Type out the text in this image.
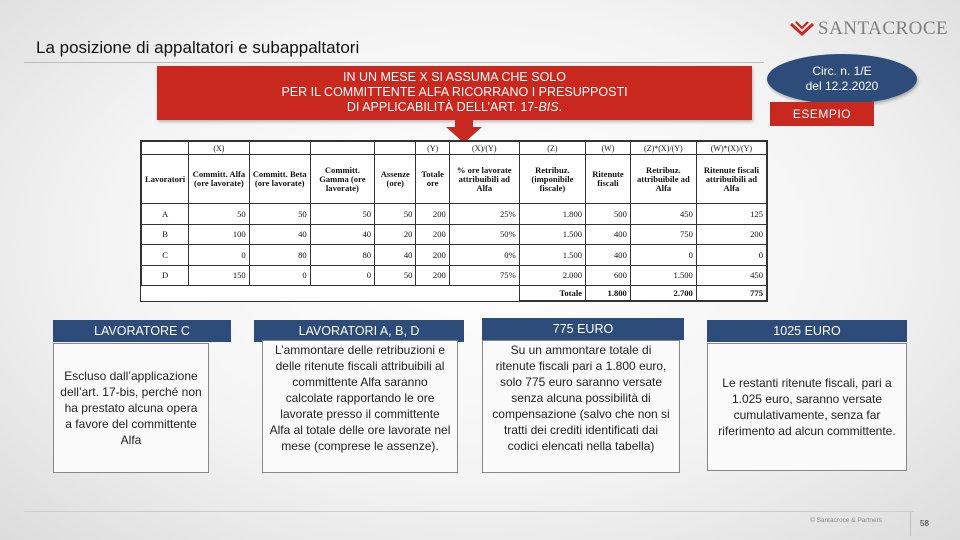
La posizione di appaltatori e subappaltatori
SANTACROCE
IN UN MESE X SI ASSUMA CHE SOLO
PER IL COMMITTENTE ALFA RICORRANO I PRESUPPOSTI
DI APPLICABILITÀ DELL’ART. 17-BIS.
Circ. n. 1/E
del 12.2.2020
ESEMPIO
	(X)				(Y)	(X)/(Y)	(Z)	(W)	(Z)*(X)/(Y)	(W)*(X)/(Y)
Lavoratori	Committ. Alfa (ore lavorate)	Committ. Beta (ore lavorate)	Committ. Gamma (ore lavorate)	Assenze (ore)	Totale ore	% ore lavorate attribuibili ad Alfa	Retribuz. (imponibile fiscale)	Ritenute fiscali	Retribuz. attribuibile ad Alfa	Ritenute fiscali attribuibili ad Alfa
A	50	50	50	50	200	25%	1.800	500	450	125
B	100	40	40	20	200	50%	1.500	400	750	200
C	0	80	80	40	200	0%	1.500	400	0	0
D	150	0	0	50	200	75%	2.000	600	1.500	450
							Totale	1.800	2.700	775
LAVORATORE C
Escluso dall’applicazione dell’art. 17-bis, perché non ha prestato alcuna opera a favore del committente Alfa
LAVORATORI A, B, D
L’ammontare delle retribuzioni e delle ritenute fiscali attribuibili al committente Alfa saranno calcolate rapportando le ore lavorate presso il committente Alfa al totale delle ore lavorate nel mese (comprese le assenze).
775 EURO
Su un ammontare totale di ritenute fiscali pari a 1.800 euro, solo 775 euro saranno versate senza alcuna possibilità di compensazione (salvo che non si tratti dei crediti identificati dai codici elencati nella tabella)
1025 EURO
Le restanti ritenute fiscali, pari a 1.025 euro, saranno versate cumulativamente, senza far riferimento ad alcun committente.
© Santacroce & Partners	58
